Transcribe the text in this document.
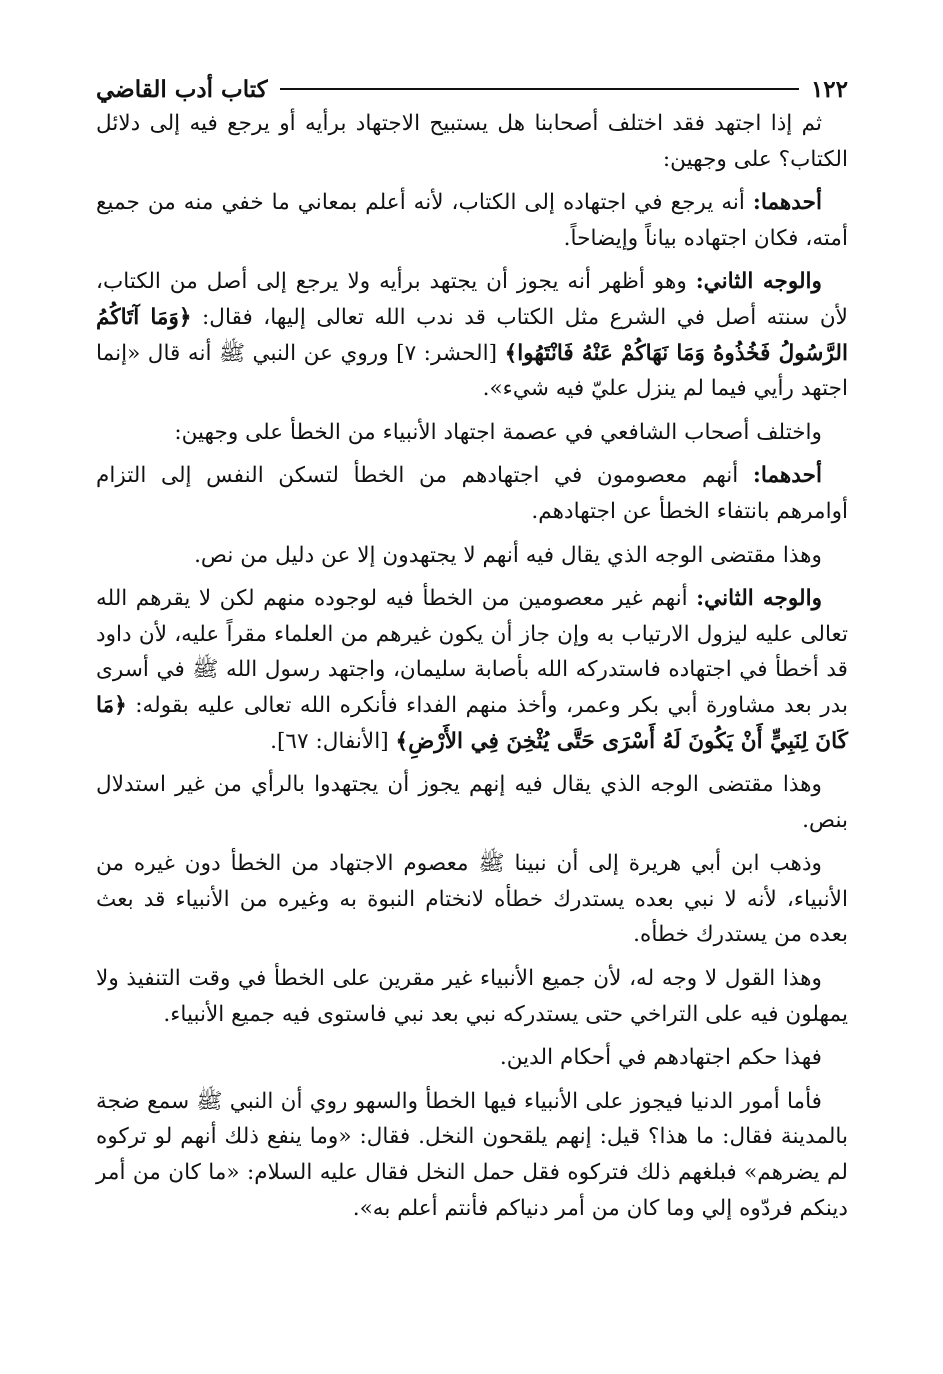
١٢٢
كتاب أدب القاضي

ثم إذا اجتهد فقد اختلف أصحابنا هل يستبيح الاجتهاد برأيه أو يرجع فيه إلى دلائل الكتاب؟ على وجهين:

أحدهما: أنه يرجع في اجتهاده إلى الكتاب، لأنه أعلم بمعاني ما خفي منه من جميع أمته، فكان اجتهاده بياناً وإيضاحاً.

والوجه الثاني: وهو أظهر أنه يجوز أن يجتهد برأيه ولا يرجع إلى أصل من الكتاب، لأن سنته أصل في الشرع مثل الكتاب قد ندب الله تعالى إليها، فقال: ﴿وَمَا آتَاكُمُ الرَّسُولُ فَخُذُوهُ وَمَا نَهَاكُمْ عَنْهُ فَانْتَهُوا﴾ [الحشر: ٧] وروي عن النبي ﷺ أنه قال «إنما اجتهد رأيي فيما لم ينزل عليّ فيه شيء».

واختلف أصحاب الشافعي في عصمة اجتهاد الأنبياء من الخطأ على وجهين:

أحدهما: أنهم معصومون في اجتهادهم من الخطأ لتسكن النفس إلى التزام أوامرهم بانتفاء الخطأ عن اجتهادهم.

وهذا مقتضى الوجه الذي يقال فيه أنهم لا يجتهدون إلا عن دليل من نص.

والوجه الثاني: أنهم غير معصومين من الخطأ فيه لوجوده منهم لكن لا يقرهم الله تعالى عليه ليزول الارتياب به وإن جاز أن يكون غيرهم من العلماء مقراً عليه، لأن داود قد أخطأ في اجتهاده فاستدركه الله بأصابة سليمان، واجتهد رسول الله ﷺ في أسرى بدر بعد مشاورة أبي بكر وعمر، وأخذ منهم الفداء فأنكره الله تعالى عليه بقوله: ﴿مَا كَانَ لِنَبِيٍّ أَنْ يَكُونَ لَهُ أَسْرَى حَتَّى يُثْخِنَ فِي الأَرْضِ﴾ [الأنفال: ٦٧].

وهذا مقتضى الوجه الذي يقال فيه إنهم يجوز أن يجتهدوا بالرأي من غير استدلال بنص.

وذهب ابن أبي هريرة إلى أن نبينا ﷺ معصوم الاجتهاد من الخطأ دون غيره من الأنبياء، لأنه لا نبي بعده يستدرك خطأه لانختام النبوة به وغيره من الأنبياء قد بعث بعده من يستدرك خطأه.

وهذا القول لا وجه له، لأن جميع الأنبياء غير مقرين على الخطأ في وقت التنفيذ ولا يمهلون فيه على التراخي حتى يستدركه نبي بعد نبي فاستوى فيه جميع الأنبياء.

فهذا حكم اجتهادهم في أحكام الدين.

فأما أمور الدنيا فيجوز على الأنبياء فيها الخطأ والسهو روي أن النبي ﷺ سمع ضجة بالمدينة فقال: ما هذا؟ قيل: إنهم يلقحون النخل. فقال: «وما ينفع ذلك أنهم لو تركوه لم يضرهم» فبلغهم ذلك فتركوه فقل حمل النخل فقال عليه السلام: «ما كان من أمر دينكم فردّوه إلي وما كان من أمر دنياكم فأنتم أعلم به».
